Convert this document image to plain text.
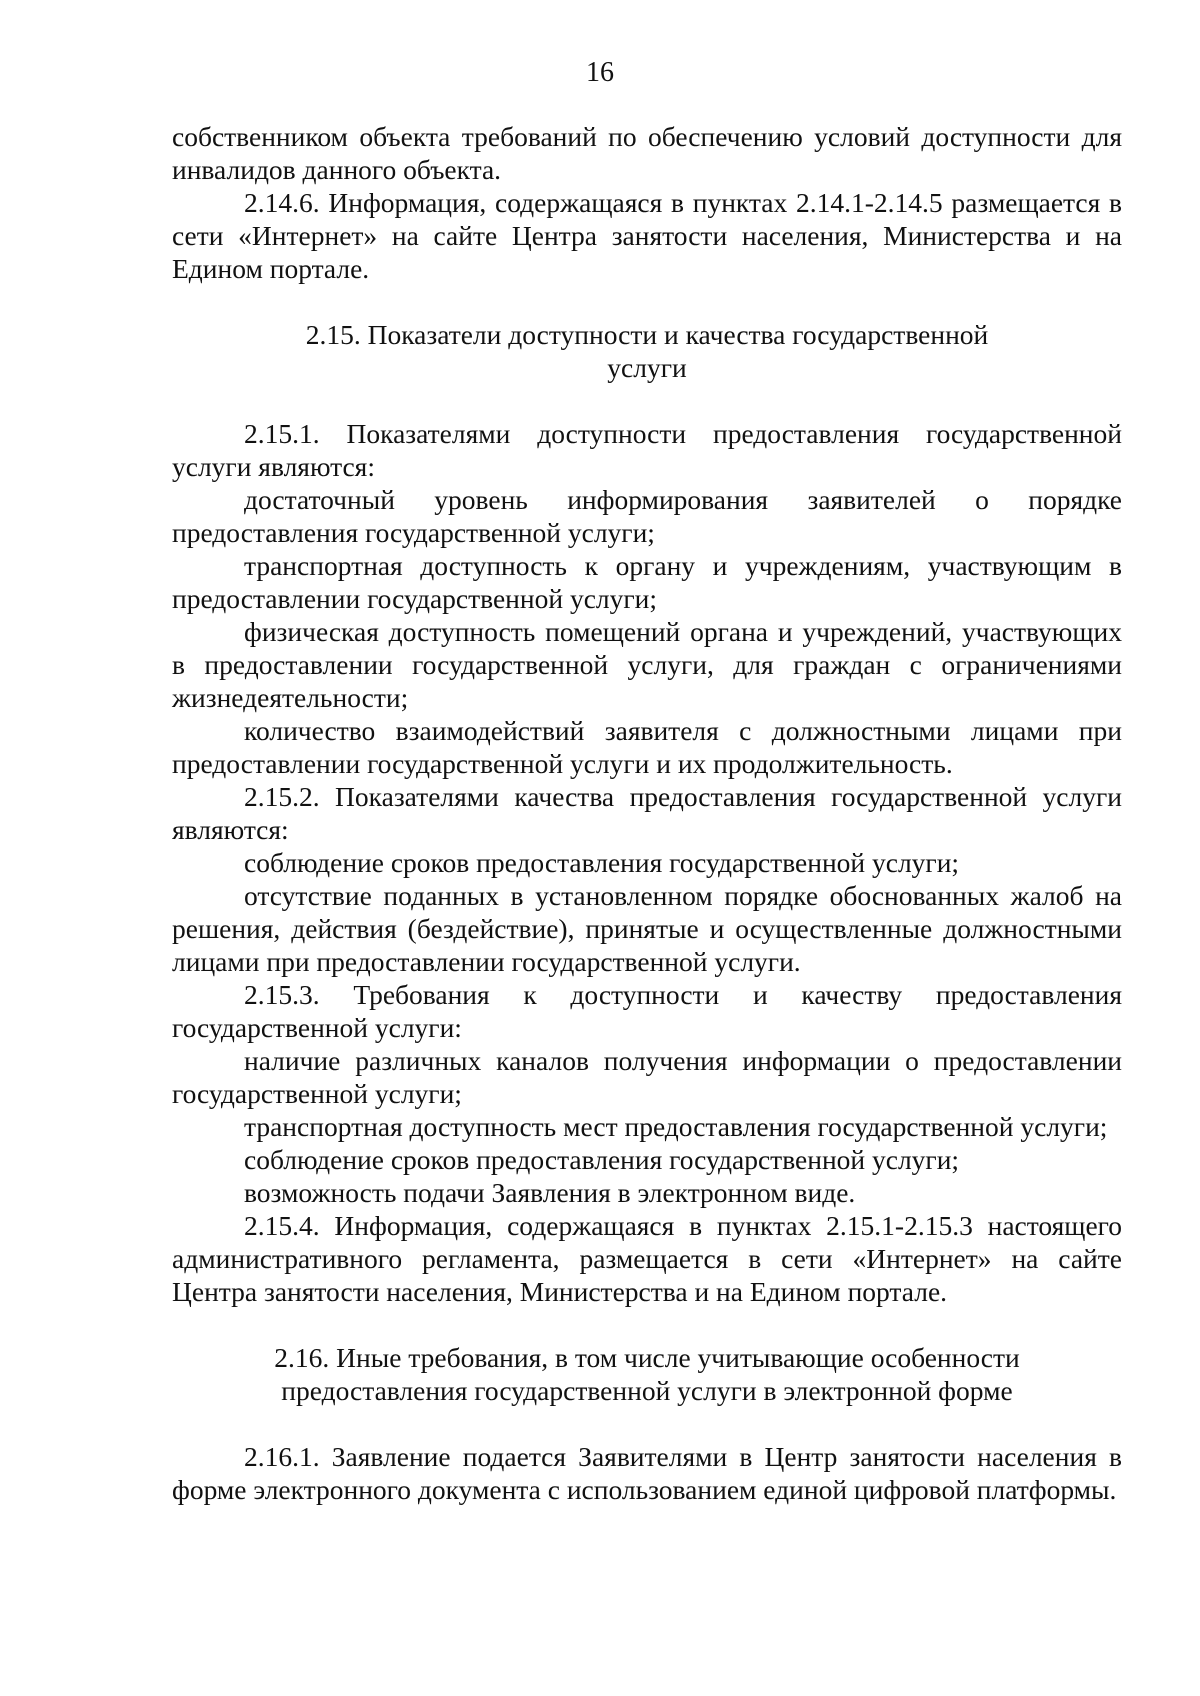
16

собственником объекта требований по обеспечению условий доступности для инвалидов данного объекта.

2.14.6. Информация, содержащаяся в пунктах 2.14.1-2.14.5 размещается в сети «Интернет» на сайте Центра занятости населения, Министерства и на Едином портале.

2.15. Показатели доступности и качества государственной

услуги

2.15.1. Показателями доступности предоставления государственной услуги являются:

достаточный уровень информирования заявителей о порядке предоставления государственной услуги;

транспортная доступность к органу и учреждениям, участвующим в предоставлении государственной услуги;

физическая доступность помещений органа и учреждений, участвующих в предоставлении государственной услуги, для граждан с ограничениями жизнедеятельности;

количество взаимодействий заявителя с должностными лицами при предоставлении государственной услуги и их продолжительность.

2.15.2. Показателями качества предоставления государственной услуги являются:

соблюдение сроков предоставления государственной услуги;

отсутствие поданных в установленном порядке обоснованных жалоб на решения, действия (бездействие), принятые и осуществленные должностными лицами при предоставлении государственной услуги.

2.15.3. Требования к доступности и качеству предоставления государственной услуги:

наличие различных каналов получения информации о предоставлении государственной услуги;

транспортная доступность мест предоставления государственной услуги;

соблюдение сроков предоставления государственной услуги;

возможность подачи Заявления в электронном виде.

2.15.4. Информация, содержащаяся в пунктах 2.15.1-2.15.3 настоящего административного регламента, размещается в сети «Интернет» на сайте Центра занятости населения, Министерства и на Едином портале.

2.16. Иные требования, в том числе учитывающие особенности

предоставления государственной услуги в электронной форме

2.16.1. Заявление подается Заявителями в Центр занятости населения в форме электронного документа с использованием единой цифровой платформы.
